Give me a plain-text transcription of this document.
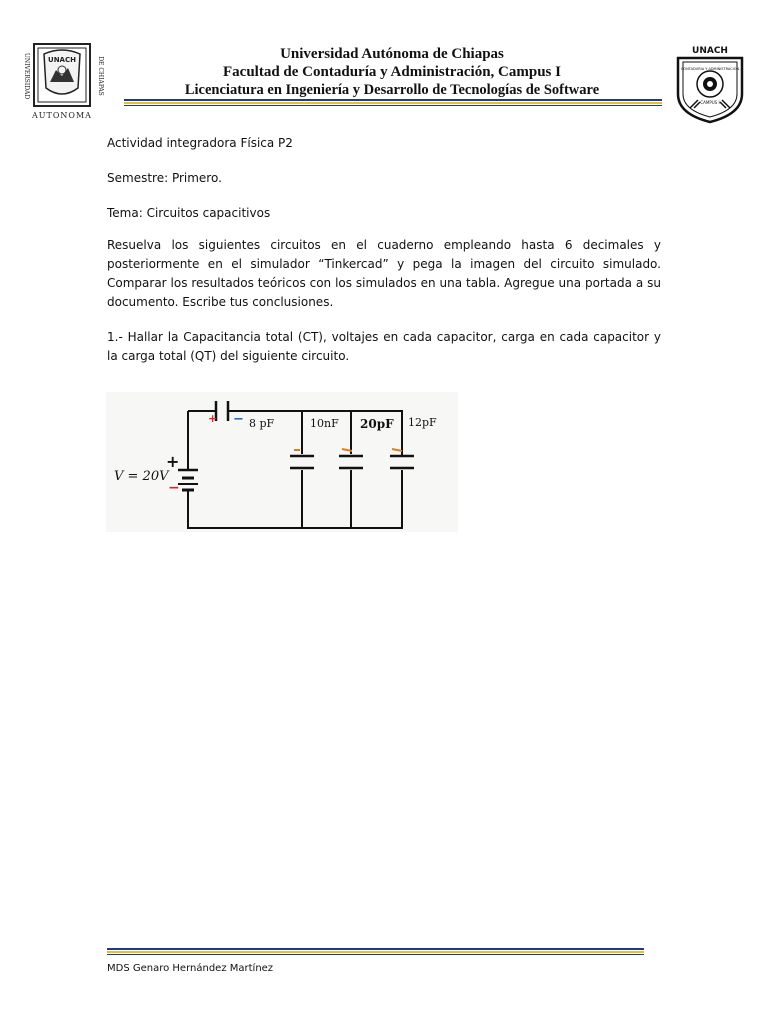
UNACH
UNIVERSIDAD	DE CHIAPAS
AUTONOMA
Universidad Autónoma de Chiapas
Facultad de Contaduría y Administración, Campus I
Licenciatura en Ingeniería y Desarrollo de Tecnologías de Software
UNACH
CONTADURIA Y ADMINISTRACION
CAMPUS I

Actividad integradora Física P2

Semestre: Primero.

Tema: Circuitos capacitivos

Resuelva los siguientes circuitos en el cuaderno empleando hasta 6 decimales y posteriormente en el simulador “Tinkercad” y pega la imagen del circuito simulado. Comparar los resultados teóricos con los simulados en una tabla. Agregue una portada a su documento. Escribe tus conclusiones.

1.- Hallar la Capacitancia total (CT), voltajes en cada capacitor, carga en cada capacitor y la carga total (QT) del siguiente circuito.

+ −
+
−
V = 20V
10nF 20pF 12pF
8 pF
MDS Genaro Hernández Martínez
